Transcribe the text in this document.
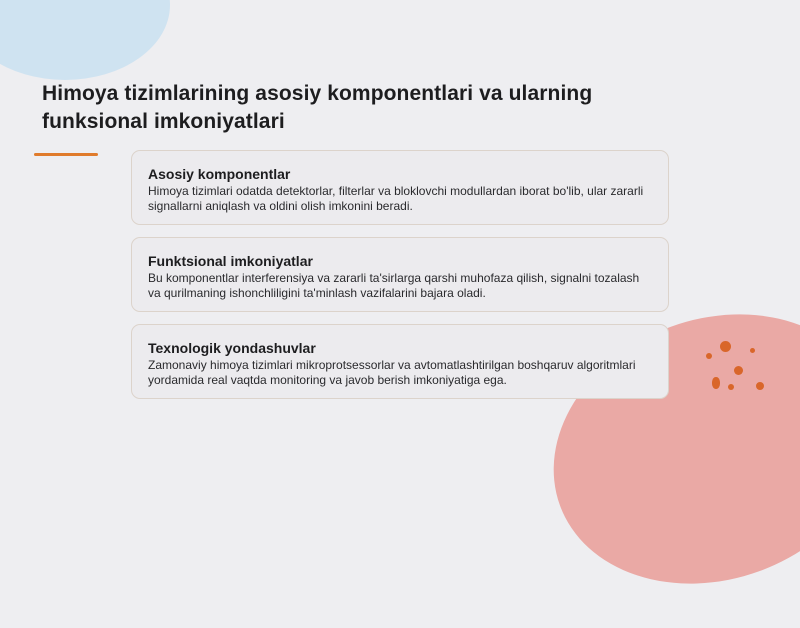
Himoya tizimlarining asosiy komponentlari va ularning funksional imkoniyatlari
Asosiy komponentlar
Himoya tizimlari odatda detektorlar, filterlar va bloklovchi modullardan iborat bo'lib, ular zararli signallarni aniqlash va oldini olish imkonini beradi.
Funktsional imkoniyatlar
Bu komponentlar interferensiya va zararli ta'sirlarga qarshi muhofaza qilish, signalni tozalash va qurilmaning ishonchliligini ta'minlash vazifalarini bajara oladi.
Texnologik yondashuvlar
Zamonaviy himoya tizimlari mikroprotsessorlar va avtomatlashtirilgan boshqaruv algoritmlari yordamida real vaqtda monitoring va javob berish imkoniyatiga ega.
